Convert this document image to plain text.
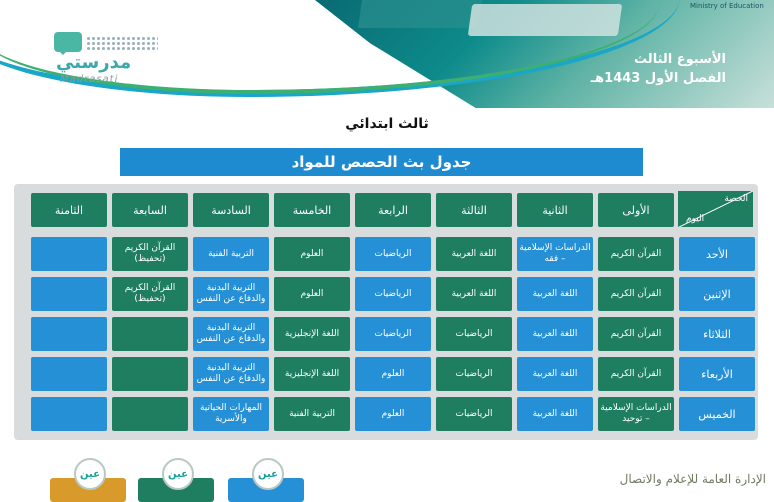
Ministry of Education
الأسبوع الثالث
الفصل الأول 1443هـ
مدرستي
Madrasati
ثالث ابتدائي
جدول بث الحصص للمواد
الحصة
اليوم
الأولى
الثانية
الثالثة
الرابعة
الخامسة
السادسة
السابعة
الثامنة
الأحد
القرآن الكريم
الدراسات الإسلامية – فقه
اللغة العربية
الرياضيات
العلوم
التربية الفنية
القرآن الكريم (تحفيظ)
الإثنين
القرآن الكريم
اللغة العربية
اللغة العربية
الرياضيات
العلوم
التربية البدنية والدفاع عن النفس
القرآن الكريم (تحفيظ)
الثلاثاء
القرآن الكريم
اللغة العربية
الرياضيات
الرياضيات
اللغة الإنجليزية
التربية البدنية والدفاع عن النفس
الأربعاء
القرآن الكريم
اللغة العربية
الرياضيات
العلوم
اللغة الإنجليزية
التربية البدنية والدفاع عن النفس
الخميس
الدراسات الإسلامية – توحيد
اللغة العربية
الرياضيات
العلوم
التربية الفنية
المهارات الحياتية والأسرية
عين
عين
عين	الإدارة العامة للإعلام والاتصال
